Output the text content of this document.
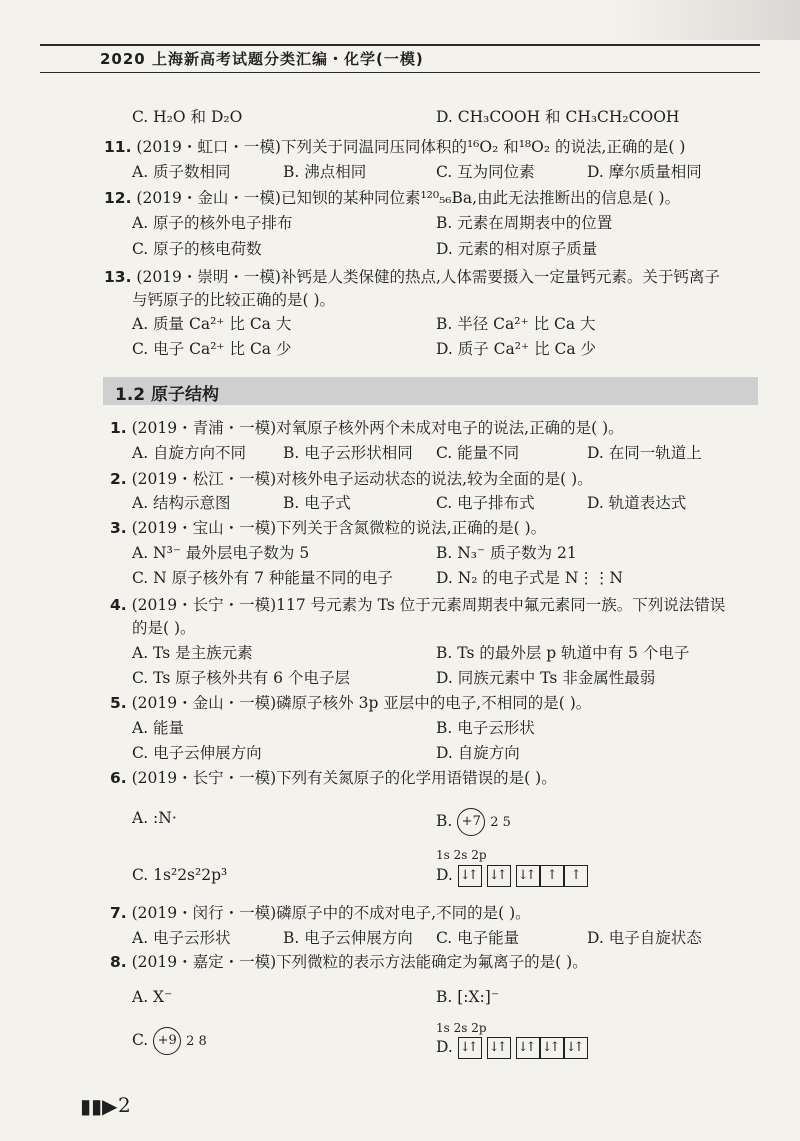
2020 上海新高考试题分类汇编・化学(一模)
C. H₂O 和 D₂O	D. CH₃COOH 和 CH₃CH₂COOH
11. (2019・虹口・一模)下列关于同温同压同体积的¹⁶O₂ 和¹⁸O₂ 的说法,正确的是( )
A. 质子数相同	B. 沸点相同	C. 互为同位素	D. 摩尔质量相同
12. (2019・金山・一模)已知钡的某种同位素¹²⁰₅₆Ba,由此无法推断出的信息是( )。
A. 原子的核外电子排布	B. 元素在周期表中的位置
C. 原子的核电荷数	D. 元素的相对原子质量
13. (2019・崇明・一模)补钙是人类保健的热点,人体需要摄入一定量钙元素。关于钙离子
与钙原子的比较正确的是( )。
A. 质量 Ca²⁺ 比 Ca 大	B. 半径 Ca²⁺ 比 Ca 大
C. 电子 Ca²⁺ 比 Ca 少	D. 质子 Ca²⁺ 比 Ca 少
1.2 原子结构
1. (2019・青浦・一模)对氧原子核外两个未成对电子的说法,正确的是( )。
A. 自旋方向不同 B. 电子云形状相同 C. 能量不同	D. 在同一轨道上
2. (2019・松江・一模)对核外电子运动状态的说法,较为全面的是( )。
A. 结构示意图	B. 电子式	C. 电子排布式	D. 轨道表达式
3. (2019・宝山・一模)下列关于含氮微粒的说法,正确的是( )。
A. N³⁻ 最外层电子数为 5	B. N₃⁻ 质子数为 21
C. N 原子核外有 7 种能量不同的电子	D. N₂ 的电子式是 N⋮⋮N
4. (2019・长宁・一模)117 号元素为 Ts 位于元素周期表中氟元素同一族。下列说法错误
的是( )。
A. Ts 是主族元素	B. Ts 的最外层 p 轨道中有 5 个电子
C. Ts 原子核外共有 6 个电子层	D. 同族元素中 Ts 非金属性最弱
5. (2019・金山・一模)磷原子核外 3p 亚层中的电子,不相同的是( )。
A. 能量	B. 电子云形状
C. 电子云伸展方向	D. 自旋方向
6. (2019・长宁・一模)下列有关氮原子的化学用语错误的是( )。
A. :N·	B. +7 2 5
C. 1s²2s²2p³
1s 2s 2p
D. ↓↑ ↓↑ ↓↑↑↑
7. (2019・闵行・一模)磷原子中的不成对电子,不同的是( )。
A. 电子云形状	B. 电子云伸展方向 C. 电子能量	D. 电子自旋状态
8. (2019・嘉定・一模)下列微粒的表示方法能确定为氟离子的是( )。
A. X⁻	B. [:X:]⁻
C. +9 2 8
1s 2s 2p
D. ↓↑ ↓↑ ↓↑↓↑↓↑
▮▮▶ 2
